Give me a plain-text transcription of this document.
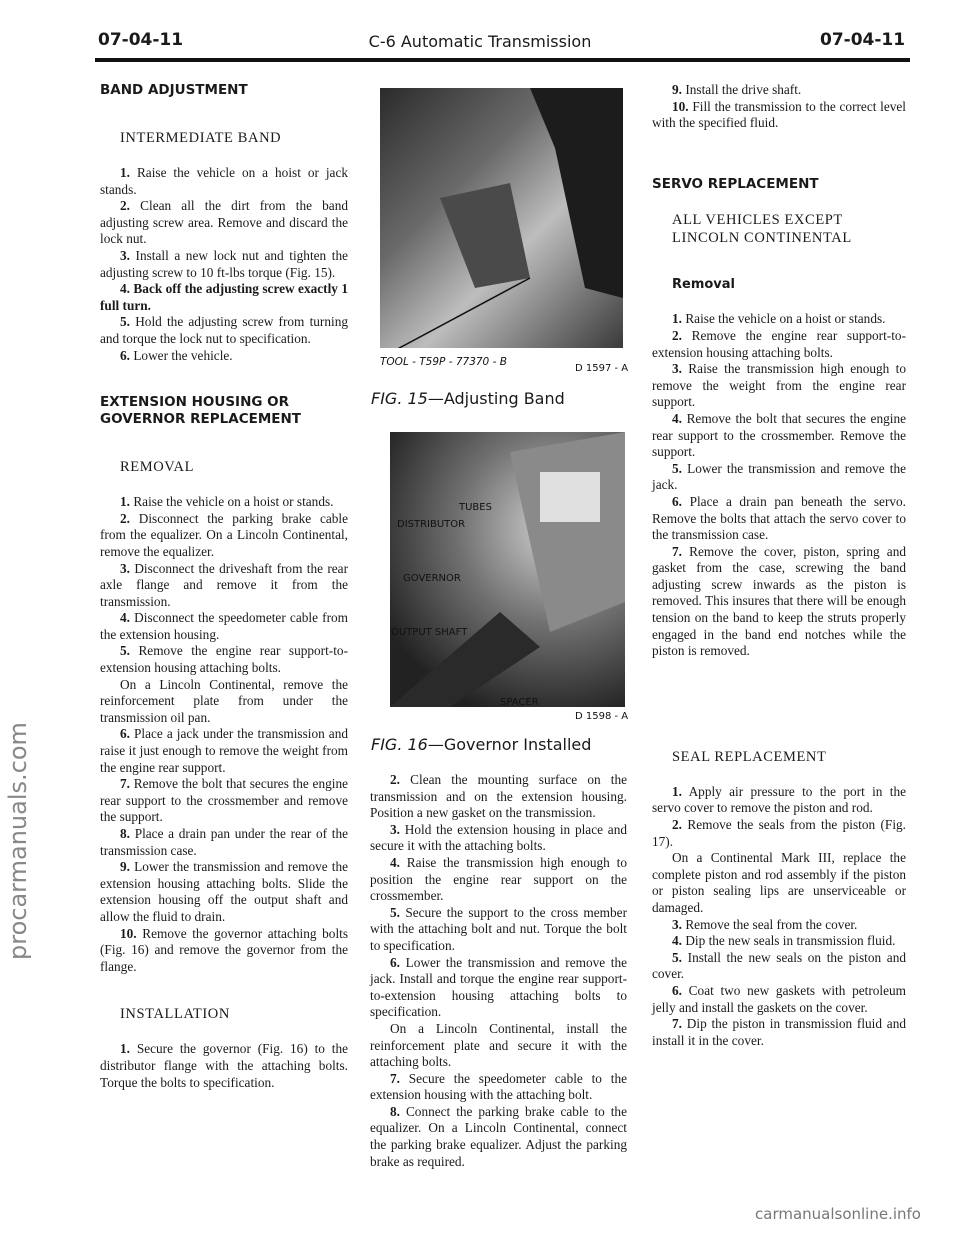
procarmanuals.com
07-04-11	C-6 Automatic Transmission	07-04-11

BAND ADJUSTMENT

INTERMEDIATE BAND

1. Raise the vehicle on a hoist or jack stands.

2. Clean all the dirt from the band adjusting screw area. Remove and discard the lock nut.

3. Install a new lock nut and tighten the adjusting screw to 10 ft-lbs torque (Fig. 15).

4. Back off the adjusting screw exactly 1 full turn.

5. Hold the adjusting screw from turning and torque the lock nut to specification.

6. Lower the vehicle.

EXTENSION HOUSING OR

GOVERNOR REPLACEMENT

REMOVAL

1. Raise the vehicle on a hoist or stands.

2. Disconnect the parking brake cable from the equalizer. On a Lincoln Continental, remove the equalizer.

3. Disconnect the driveshaft from the rear axle flange and remove it from the transmission.

4. Disconnect the speedometer cable from the extension housing.

5. Remove the engine rear support-to-extension housing attaching bolts.

On a Lincoln Continental, remove the reinforcement plate from under the transmission oil pan.

6. Place a jack under the transmission and raise it just enough to remove the weight from the engine rear support.

7. Remove the bolt that secures the engine rear support to the crossmember and remove the support.

8. Place a drain pan under the rear of the transmission case.

9. Lower the transmission and remove the extension housing attaching bolts. Slide the extension housing off the output shaft and allow the fluid to drain.

10. Remove the governor attaching bolts (Fig. 16) and remove the governor from the flange.

INSTALLATION

1. Secure the governor (Fig. 16) to the distributor flange with the attaching bolts. Torque the bolts to specification.

TOOL - T59P - 77370 - B
D 1597 - A
FIG. 15—Adjusting Band
TUBES
DISTRIBUTOR
GOVERNOR
OUTPUT SHAFT
SPACER
D 1598 - A
FIG. 16—Governor Installed

2. Clean the mounting surface on the transmission and on the extension housing. Position a new gasket on the transmission.

3. Hold the extension housing in place and secure it with the attaching bolts.

4. Raise the transmission high enough to position the engine rear support on the crossmember.

5. Secure the support to the cross member with the attaching bolt and nut. Torque the bolt to specification.

6. Lower the transmission and remove the jack. Install and torque the engine rear support-to-extension housing attaching bolts to specification.

On a Lincoln Continental, install the reinforcement plate and secure it with the attaching bolts.

7. Secure the speedometer cable to the extension housing with the attaching bolt.

8. Connect the parking brake cable to the equalizer. On a Lincoln Continental, connect the parking brake equalizer. Adjust the parking brake as required.

9. Install the drive shaft.

10. Fill the transmission to the correct level with the specified fluid.

SERVO REPLACEMENT

ALL VEHICLES EXCEPT

LINCOLN CONTINENTAL

Removal

1. Raise the vehicle on a hoist or stands.

2. Remove the engine rear support-to-extension housing attaching bolts.

3. Raise the transmission high enough to remove the weight from the engine rear support.

4. Remove the bolt that secures the engine rear support to the crossmember. Remove the support.

5. Lower the transmission and remove the jack.

6. Place a drain pan beneath the servo. Remove the bolts that attach the servo cover to the transmission case.

7. Remove the cover, piston, spring and gasket from the case, screwing the band adjusting screw inwards as the piston is removed. This insures that there will be enough tension on the band to keep the struts properly engaged in the band end notches while the piston is removed.

SEAL REPLACEMENT

1. Apply air pressure to the port in the servo cover to remove the piston and rod.

2. Remove the seals from the piston (Fig. 17).

On a Continental Mark III, replace the complete piston and rod assembly if the piston or piston sealing lips are unserviceable or damaged.

3. Remove the seal from the cover.

4. Dip the new seals in transmission fluid.

5. Install the new seals on the piston and cover.

6. Coat two new gaskets with petroleum jelly and install the gaskets on the cover.

7. Dip the piston in transmission fluid and install it in the cover.

carmanualsonline.info
